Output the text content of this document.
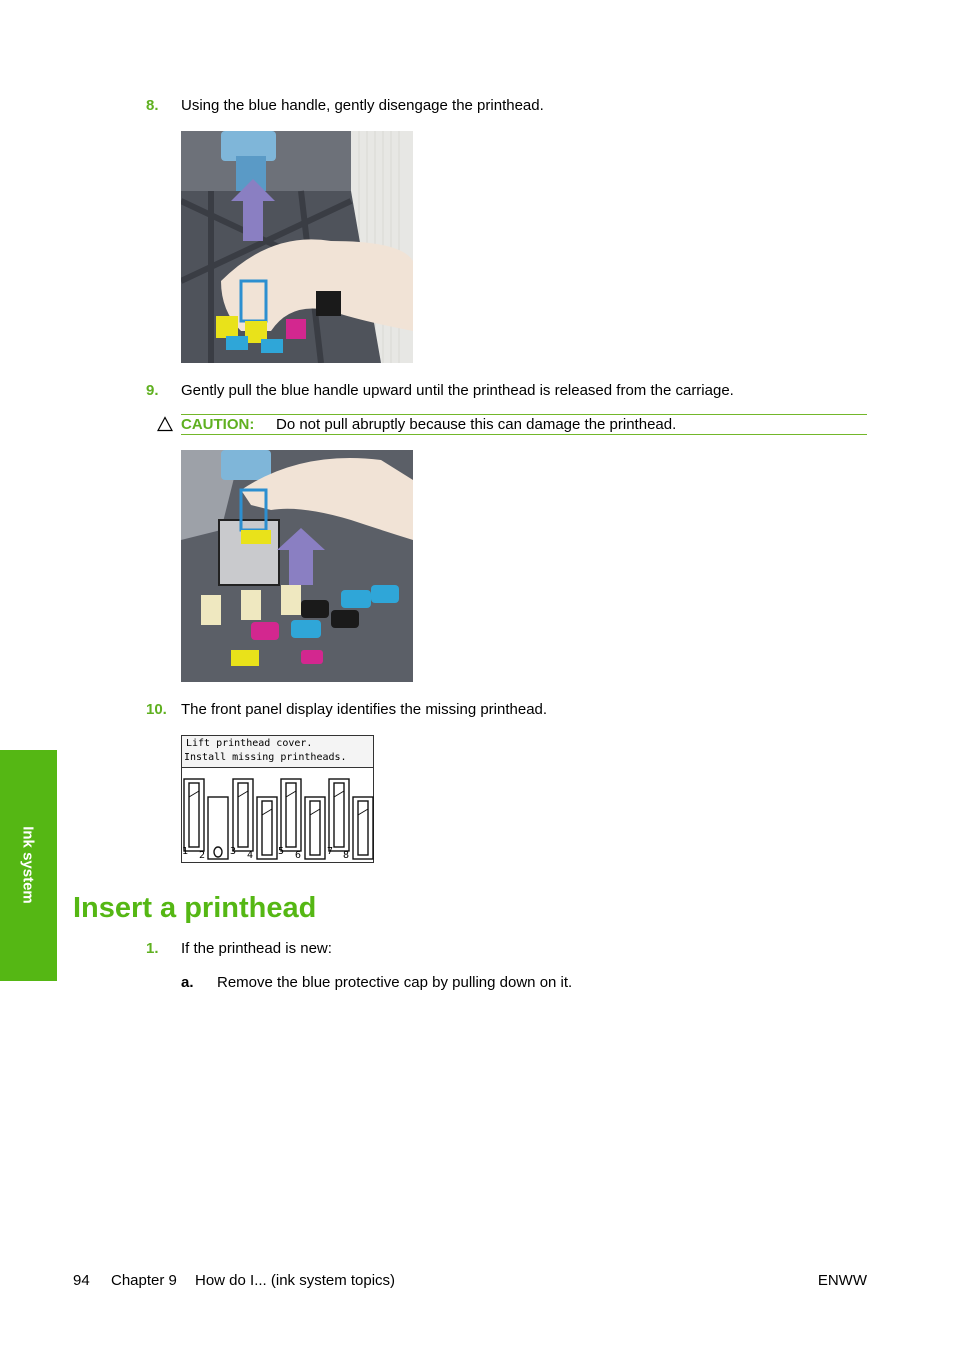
8. Using the blue handle, gently disengage the printhead.
9. Gently pull the blue handle upward until the printhead is released from the carriage.
CAUTION: Do not pull abruptly because this can damage the printhead.
10. The front panel display identifies the missing printhead.
Lift printhead cover.
Install missing printheads.
1 2 3 4 5 6	7 8
Ink system
Insert a printhead
1. If the printhead is new:
a. Remove the blue protective cap by pulling down on it.
94 Chapter 9 How do I... (ink system topics)	ENWW
